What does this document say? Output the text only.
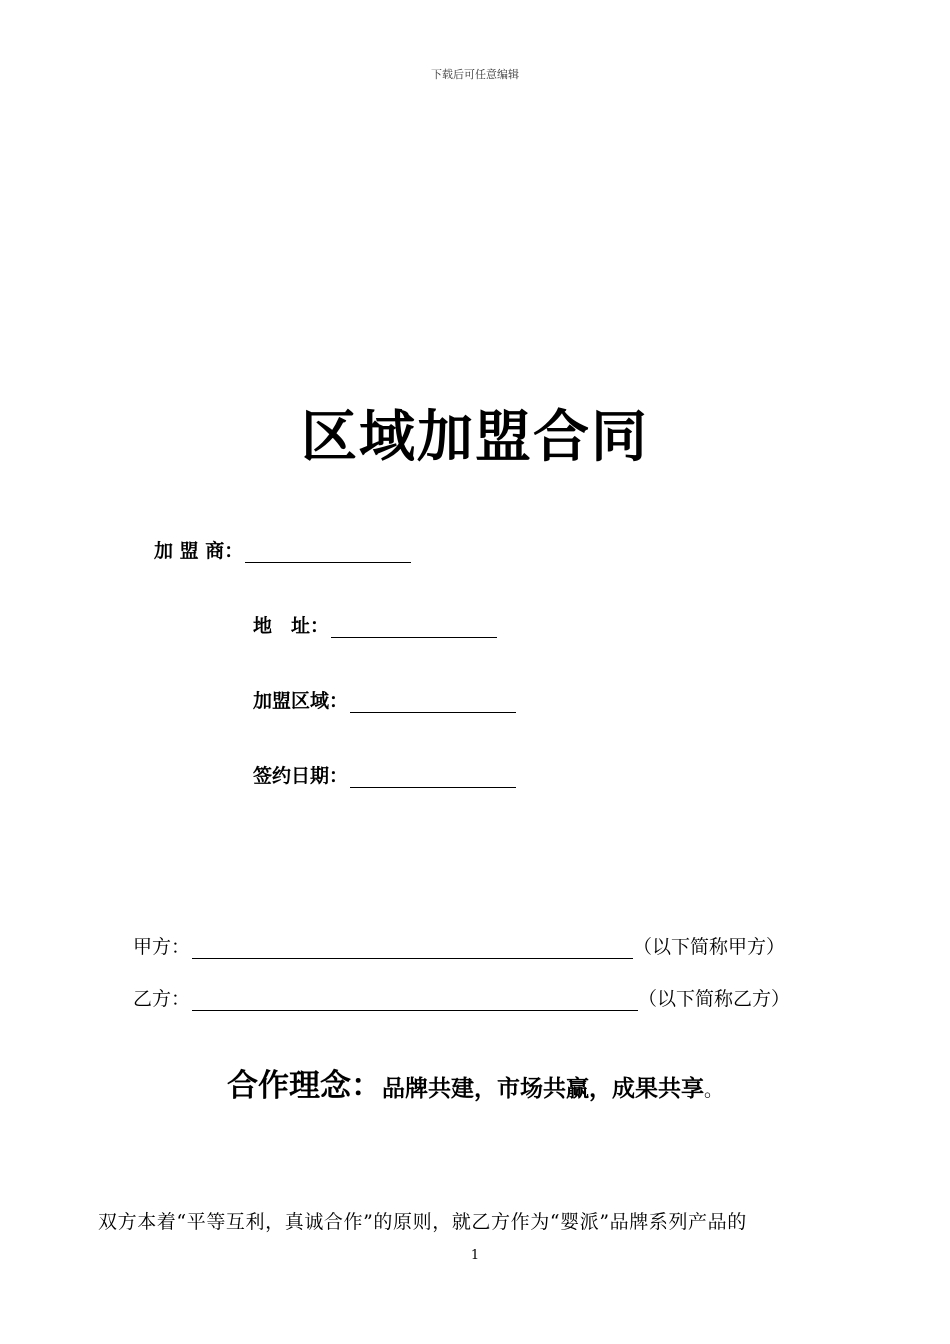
下载后可任意编辑
区域加盟合同
加 盟 商：
地　址：
加盟区域：
签约日期：
甲方：	（以下简称甲方）
乙方：	（以下简称乙方）
合作理念：品牌共建，市场共赢，成果共享。
双方本着“平等互利，真诚合作”的原则，就乙方作为“婴派”品牌系列产品的
1
